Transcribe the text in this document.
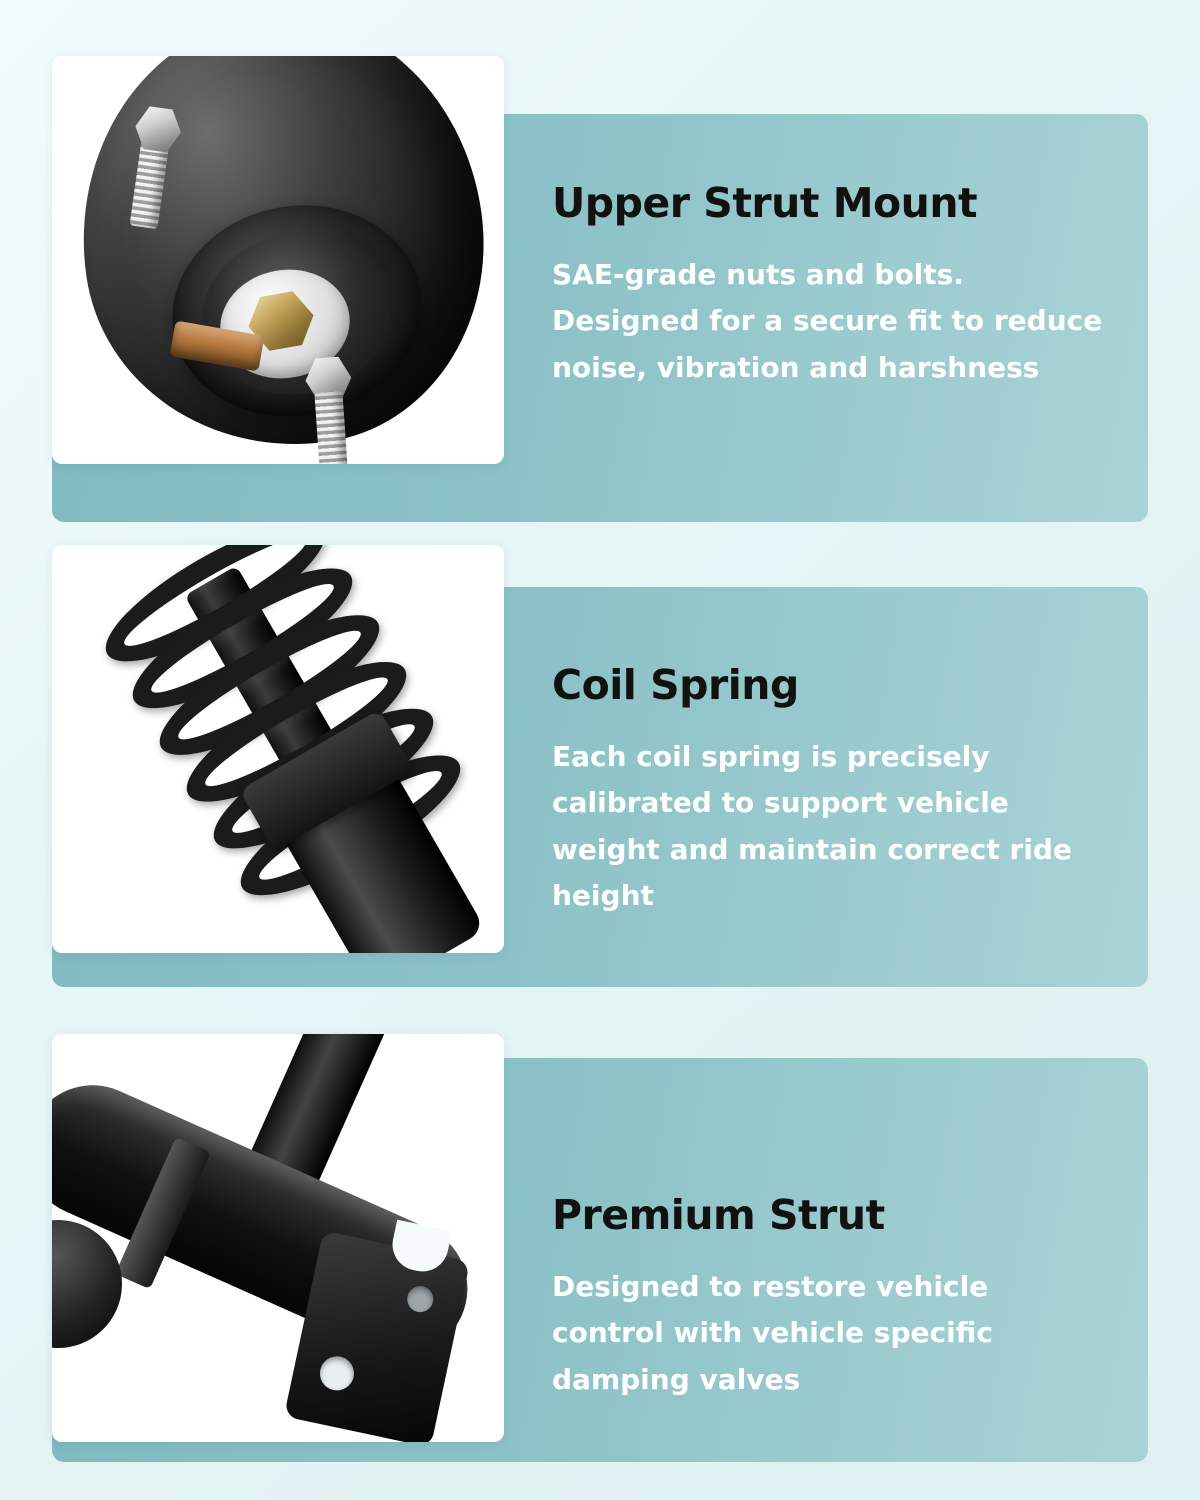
Upper Strut Mount

SAE-grade nuts and bolts. Designed for a secure fit to reduce noise, vibration and harshness

Coil Spring

Each coil spring is precisely calibrated to support vehicle weight and maintain correct ride height

Premium Strut

Designed to restore vehicle control with vehicle specific damping valves
